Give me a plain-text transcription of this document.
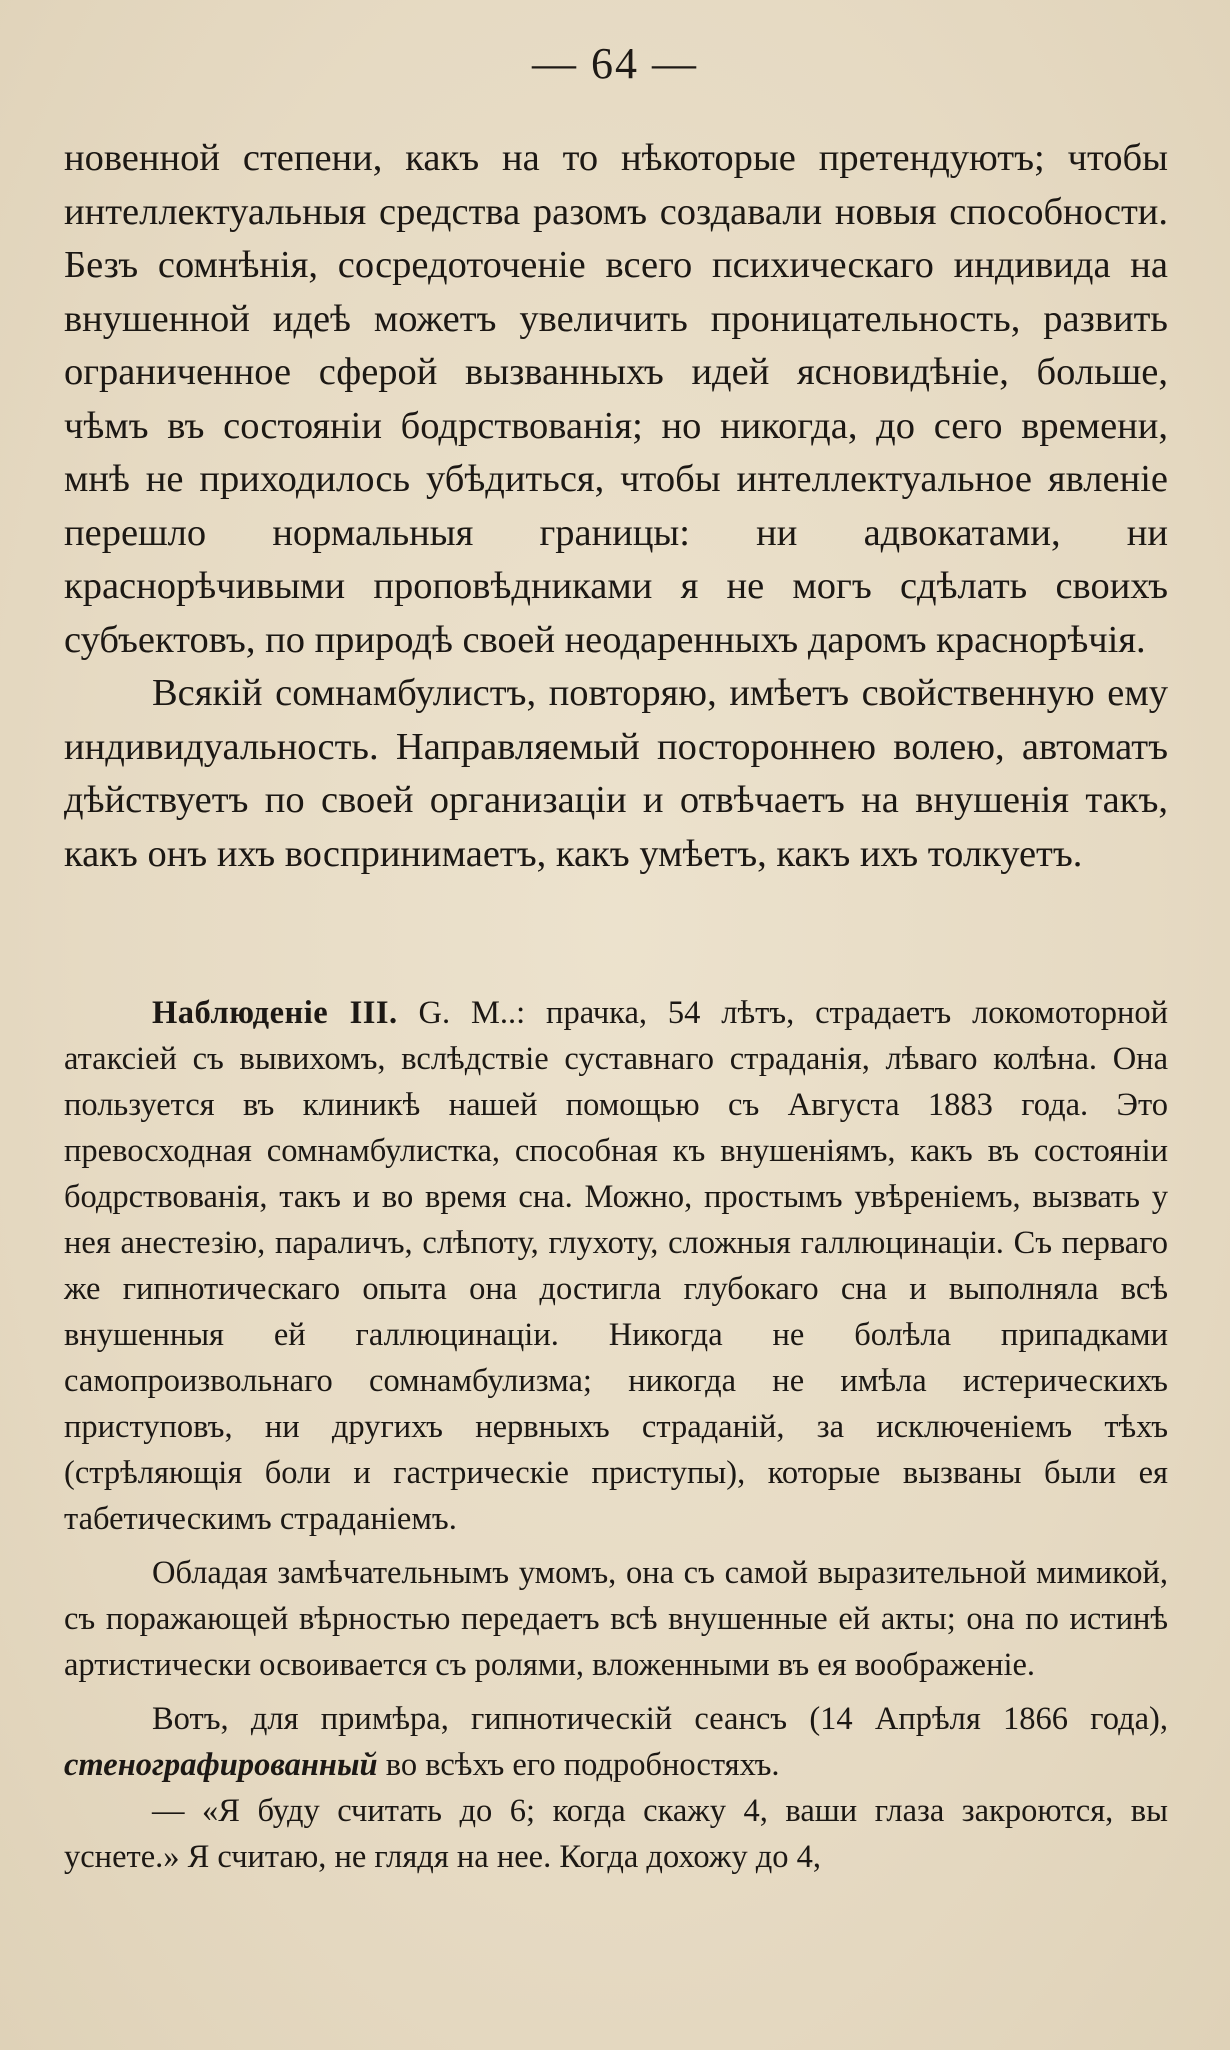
— 64 —

новенной степени, какъ на то нѣкоторые претендуютъ; чтобы интеллектуальныя средства разомъ создавали новыя способности. Безъ сомнѣнія, сосредоточеніе всего психическаго индивида на внушенной идеѣ можетъ увеличить проницательность, развить ограниченное сферой вызванныхъ идей ясновидѣніе, больше, чѣмъ въ состояніи бодрствованія; но никогда, до сего времени, мнѣ не приходилось убѣдиться, чтобы интеллектуальное явленіе перешло нормальныя границы: ни адвокатами, ни краснорѣчивыми проповѣдниками я не могъ сдѣлать своихъ субъектовъ, по природѣ своей неодаренныхъ даромъ краснорѣчія.

Всякій сомнамбулистъ, повторяю, имѣетъ свойственную ему индивидуальность. Направляемый постороннею волею, автоматъ дѣйствуетъ по своей организаціи и отвѣчаетъ на внушенія такъ, какъ онъ ихъ воспринимаетъ, какъ умѣетъ, какъ ихъ толкуетъ.

Наблюденіе III. G. М..: прачка, 54 лѣтъ, страдаетъ локомоторной атаксіей съ вывихомъ, вслѣдствіе суставнаго страданія, лѣваго колѣна. Она пользуется въ клиникѣ нашей помощью съ Августа 1883 года. Это превосходная сомнамбулистка, способная къ внушеніямъ, какъ въ состояніи бодрствованія, такъ и во время сна. Можно, простымъ увѣреніемъ, вызвать у нея анестезію, параличъ, слѣпоту, глухоту, сложныя галлюцинаціи. Съ перваго же гипнотическаго опыта она достигла глубокаго сна и выполняла всѣ внушенныя ей галлюцинаціи. Никогда не болѣла припадками самопроизвольнаго сомнамбулизма; никогда не имѣла истерическихъ приступовъ, ни другихъ нервныхъ страданій, за исключеніемъ тѣхъ (стрѣляющія боли и гастрическіе приступы), которые вызваны были ея табетическимъ страданіемъ.

Обладая замѣчательнымъ умомъ, она съ самой выразительной мимикой, съ поражающей вѣрностью передаетъ всѣ внушенные ей акты; она по истинѣ артистически освоивается съ ролями, вложенными въ ея воображеніе.

Вотъ, для примѣра, гипнотическій сеансъ (14 Апрѣля 1866 года), стенографированный во всѣхъ его подробностяхъ.

— «Я буду считать до 6; когда скажу 4, ваши глаза закроются, вы уснете.» Я считаю, не глядя на нее. Когда дохожу до 4,
